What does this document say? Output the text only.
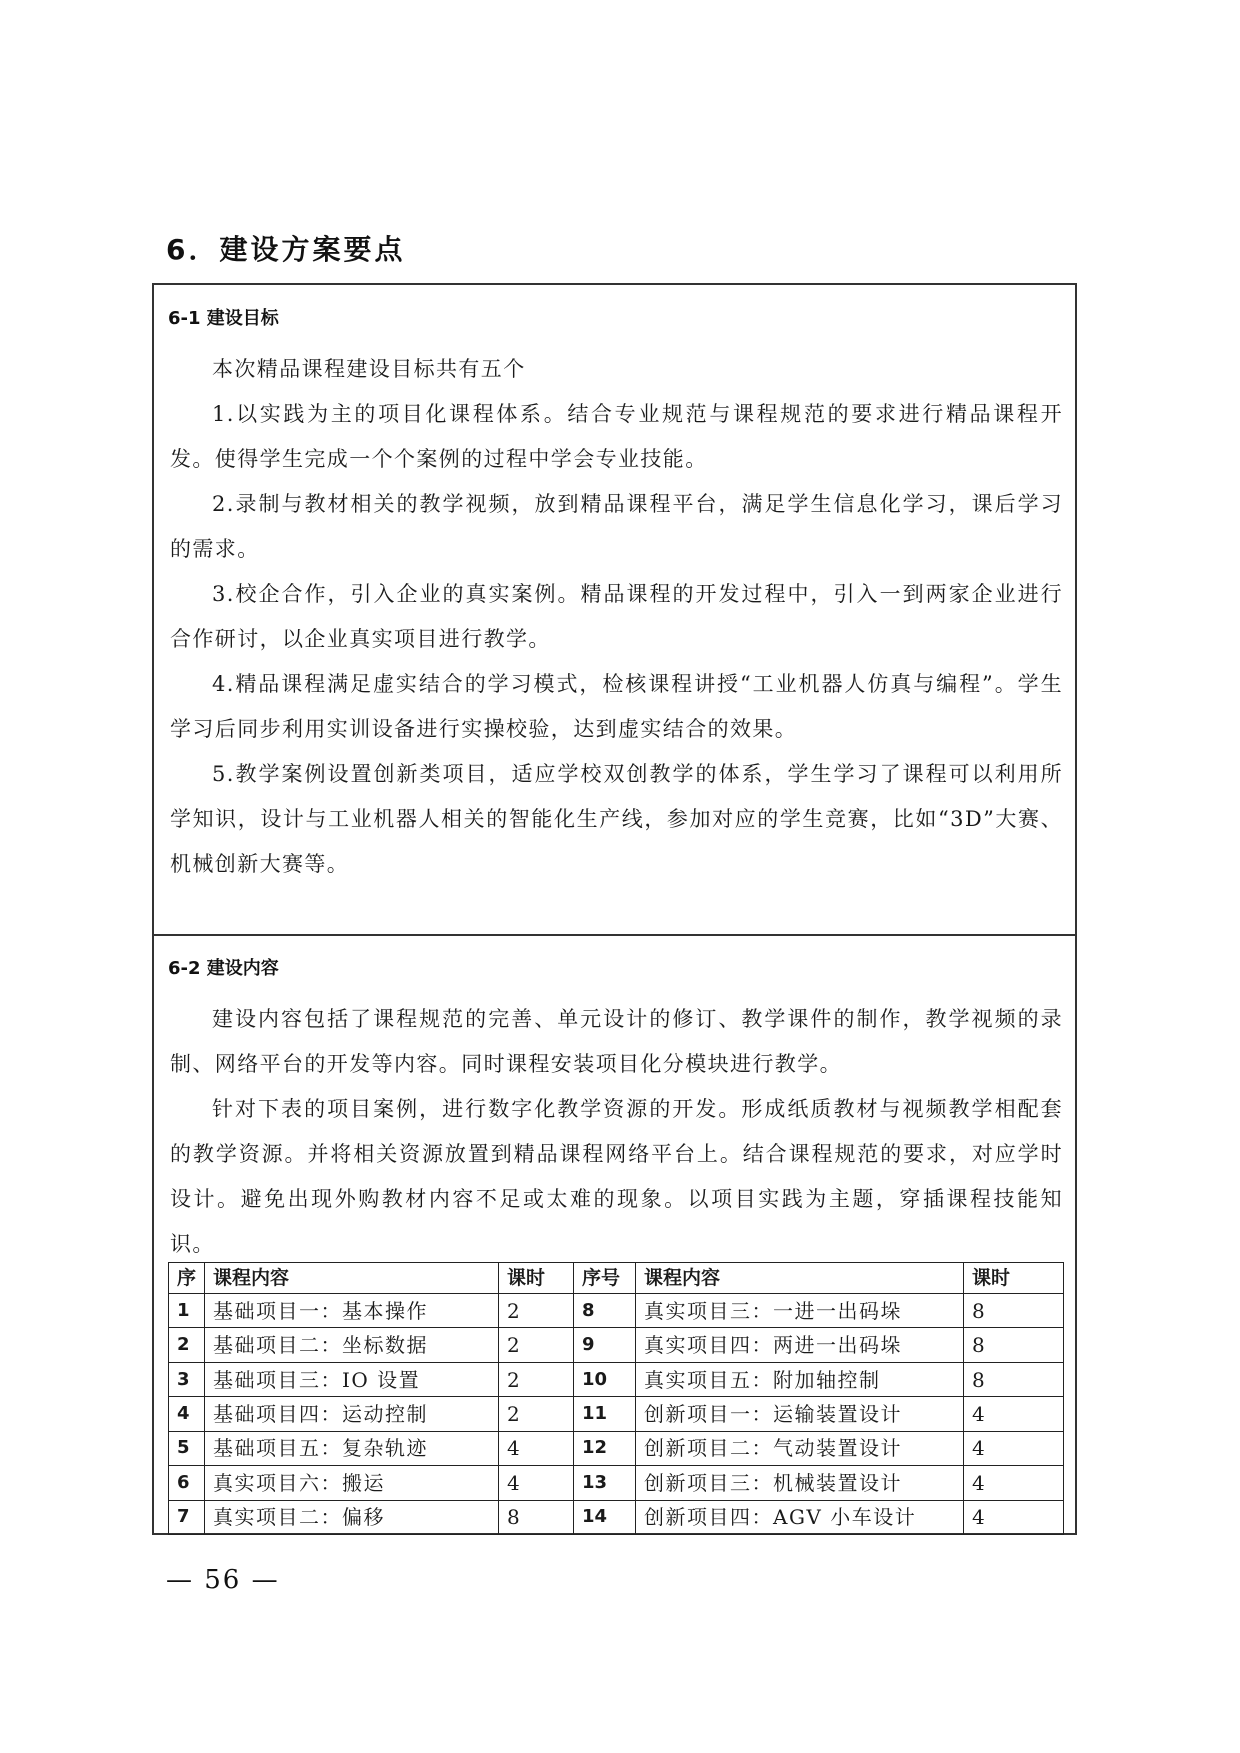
6．建设方案要点
6-1 建设目标

本次精品课程建设目标共有五个

1.以实践为主的项目化课程体系。结合专业规范与课程规范的要求进行精品课程开发。使得学生完成一个个案例的过程中学会专业技能。

2.录制与教材相关的教学视频，放到精品课程平台，满足学生信息化学习，课后学习的需求。

3.校企合作，引入企业的真实案例。精品课程的开发过程中，引入一到两家企业进行合作研讨，以企业真实项目进行教学。

4.精品课程满足虚实结合的学习模式，检核课程讲授“工业机器人仿真与编程”。学生学习后同步利用实训设备进行实操校验，达到虚实结合的效果。

5.教学案例设置创新类项目，适应学校双创教学的体系，学生学习了课程可以利用所学知识，设计与工业机器人相关的智能化生产线，参加对应的学生竞赛，比如“3D”大赛、机械创新大赛等。

6-2 建设内容

建设内容包括了课程规范的完善、单元设计的修订、教学课件的制作，教学视频的录制、网络平台的开发等内容。同时课程安装项目化分模块进行教学。

针对下表的项目案例，进行数字化教学资源的开发。形成纸质教材与视频教学相配套的教学资源。并将相关资源放置到精品课程网络平台上。结合课程规范的要求，对应学时设计。避免出现外购教材内容不足或太难的现象。以项目实践为主题，穿插课程技能知识。

序	课程内容	课时	序号	课程内容	课时
1	基础项目一：基本操作	2	8	真实项目三：一进一出码垛	8
2	基础项目二：坐标数据	2	9	真实项目四：两进一出码垛	8
3	基础项目三：IO 设置	2	10	真实项目五：附加轴控制	8
4	基础项目四：运动控制	2	11	创新项目一：运输装置设计	4
5	基础项目五：复杂轨迹	4	12	创新项目二：气动装置设计	4
6	真实项目六：搬运	4	13	创新项目三：机械装置设计	4
7	真实项目二：偏移	8	14	创新项目四：AGV 小车设计	4
— 56 —
